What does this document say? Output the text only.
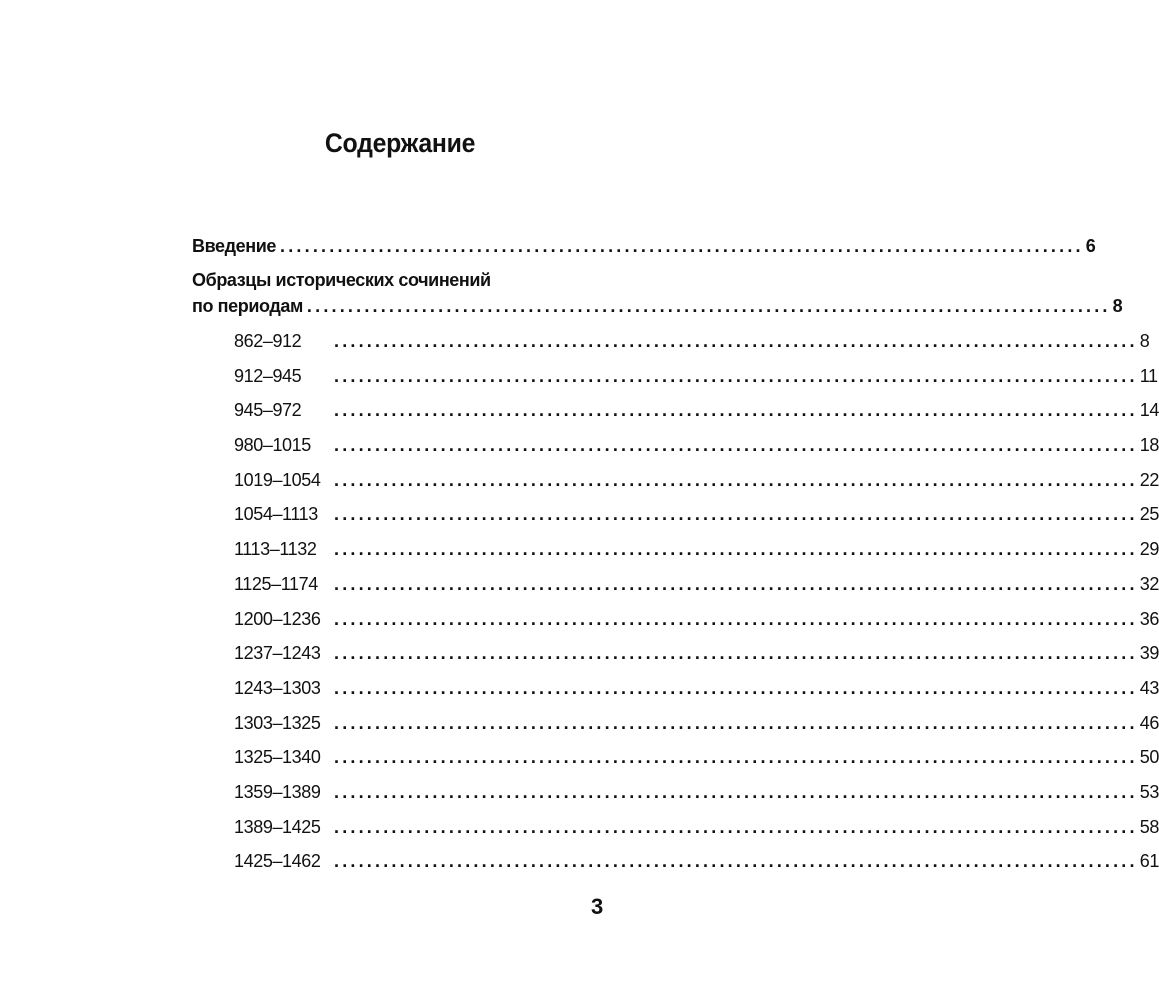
Содержание
Введение .................................................................................................. 6
Образцы исторических сочинений
по периодам .................................................................................................. 8
862–912	.................................................................................................. 8
912–945	.................................................................................................. 11
945–972	.................................................................................................. 14
980–1015	.................................................................................................. 18
1019–1054 .................................................................................................. 22
1054–1113 .................................................................................................. 25
1113–1132 .................................................................................................. 29
1125–1174 .................................................................................................. 32
1200–1236 .................................................................................................. 36
1237–1243 .................................................................................................. 39
1243–1303 .................................................................................................. 43
1303–1325 .................................................................................................. 46
1325–1340 .................................................................................................. 50
1359–1389 .................................................................................................. 53
1389–1425 .................................................................................................. 58
1425–1462 .................................................................................................. 61
3
